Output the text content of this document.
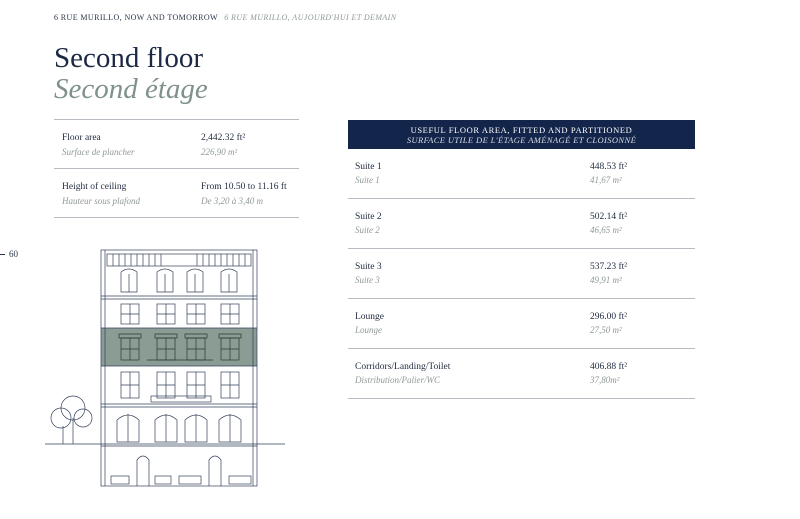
6 RUE MURILLO, NOW AND TOMORROW 6 RUE MURILLO, AUJOURD'HUI ET DEMAIN
Second floor
Second étage
60
Floor area
Surface de plancher
2,442.32 ft²
226,90 m²
Height of ceiling
Hauteur sous plafond
From 10.50 to 11.16 ft
De 3,20 à 3,40 m
USEFUL FLOOR AREA, FITTED AND PARTITIONED
SURFACE UTILE DE L'ÉTAGE AMÉNAGÉ ET CLOISONNÉ
Suite 1
Suite 1
448.53 ft²
41,67 m²
Suite 2
Suite 2
502.14 ft²
46,65 m²
Suite 3
Suite 3
537.23 ft²
49,91 m²
Lounge
Lounge
296.00 ft²
27,50 m²
Corridors/Landing/Toilet
Distribution/Palier/WC
406.88 ft²
37,80m²
